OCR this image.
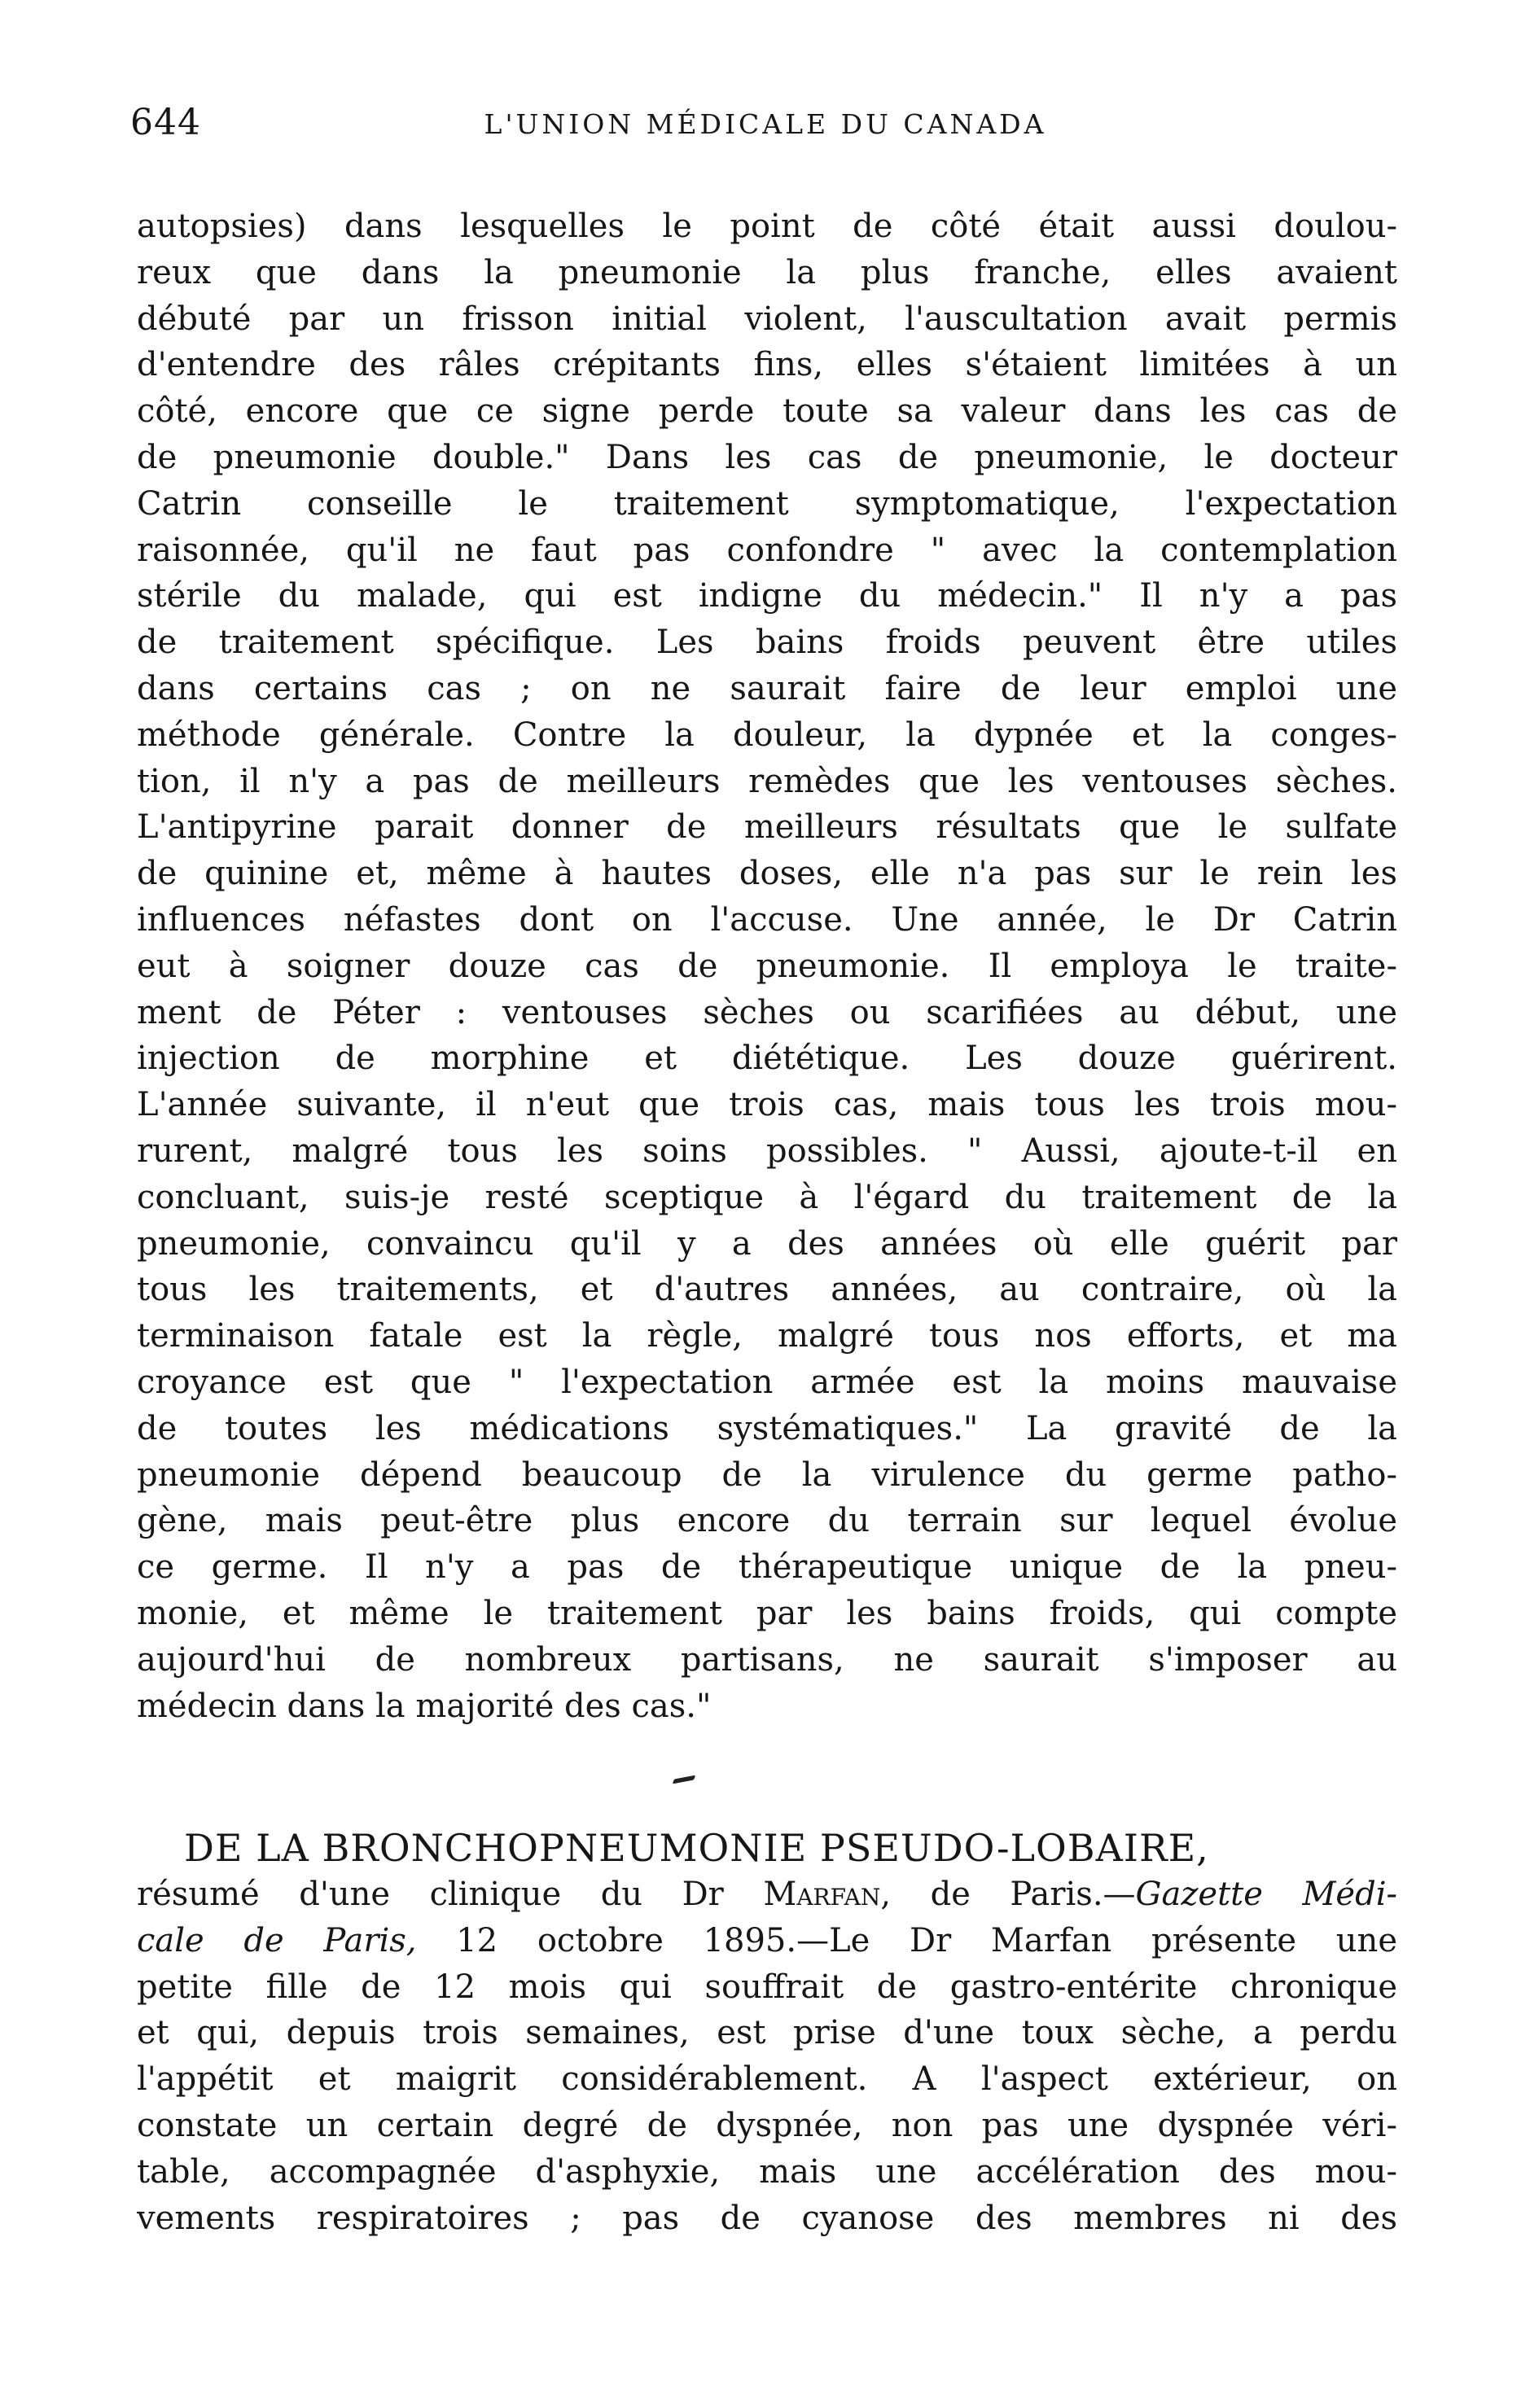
644	L'UNION MÉDICALE DU CANADA
autopsies) dans lesquelles le point de côté était aussi doulou-
reux que dans la pneumonie la plus franche, elles avaient
débuté par un frisson initial violent, l'auscultation avait permis
d'entendre des râles crépitants fins, elles s'étaient limitées à un
côté, encore que ce signe perde toute sa valeur dans les cas de
de pneumonie double." Dans les cas de pneumonie, le docteur
Catrin conseille le traitement symptomatique, l'expectation
raisonnée, qu'il ne faut pas confondre " avec la contemplation
stérile du malade, qui est indigne du médecin." Il n'y a pas
de traitement spécifique. Les bains froids peuvent être utiles
dans certains cas ; on ne saurait faire de leur emploi une
méthode générale. Contre la douleur, la dypnée et la conges-
tion, il n'y a pas de meilleurs remèdes que les ventouses sèches.
L'antipyrine parait donner de meilleurs résultats que le sulfate
de quinine et, même à hautes doses, elle n'a pas sur le rein les
influences néfastes dont on l'accuse. Une année, le Dr Catrin
eut à soigner douze cas de pneumonie. Il employa le traite-
ment de Péter : ventouses sèches ou scarifiées au début, une
injection de morphine et diététique. Les douze guérirent.
L'année suivante, il n'eut que trois cas, mais tous les trois mou-
rurent, malgré tous les soins possibles. " Aussi, ajoute-t-il en
concluant, suis-je resté sceptique à l'égard du traitement de la
pneumonie, convaincu qu'il y a des années où elle guérit par
tous les traitements, et d'autres années, au contraire, où la
terminaison fatale est la règle, malgré tous nos efforts, et ma
croyance est que " l'expectation armée est la moins mauvaise
de toutes les médications systématiques." La gravité de la
pneumonie dépend beaucoup de la virulence du germe patho-
gène, mais peut-être plus encore du terrain sur lequel évolue
ce germe. Il n'y a pas de thérapeutique unique de la pneu-
monie, et même le traitement par les bains froids, qui compte
aujourd'hui de nombreux partisans, ne saurait s'imposer au
médecin dans la majorité des cas."
DE LA BRONCHOPNEUMONIE PSEUDO-LOBAIRE,
résumé d'une clinique du Dr Marfan, de Paris.—Gazette Médi-
cale de Paris, 12 octobre 1895.—Le Dr Marfan présente une
petite fille de 12 mois qui souffrait de gastro-entérite chronique
et qui, depuis trois semaines, est prise d'une toux sèche, a perdu
l'appétit et maigrit considérablement. A l'aspect extérieur, on
constate un certain degré de dyspnée, non pas une dyspnée véri-
table, accompagnée d'asphyxie, mais une accélération des mou-
vements respiratoires ; pas de cyanose des membres ni des
